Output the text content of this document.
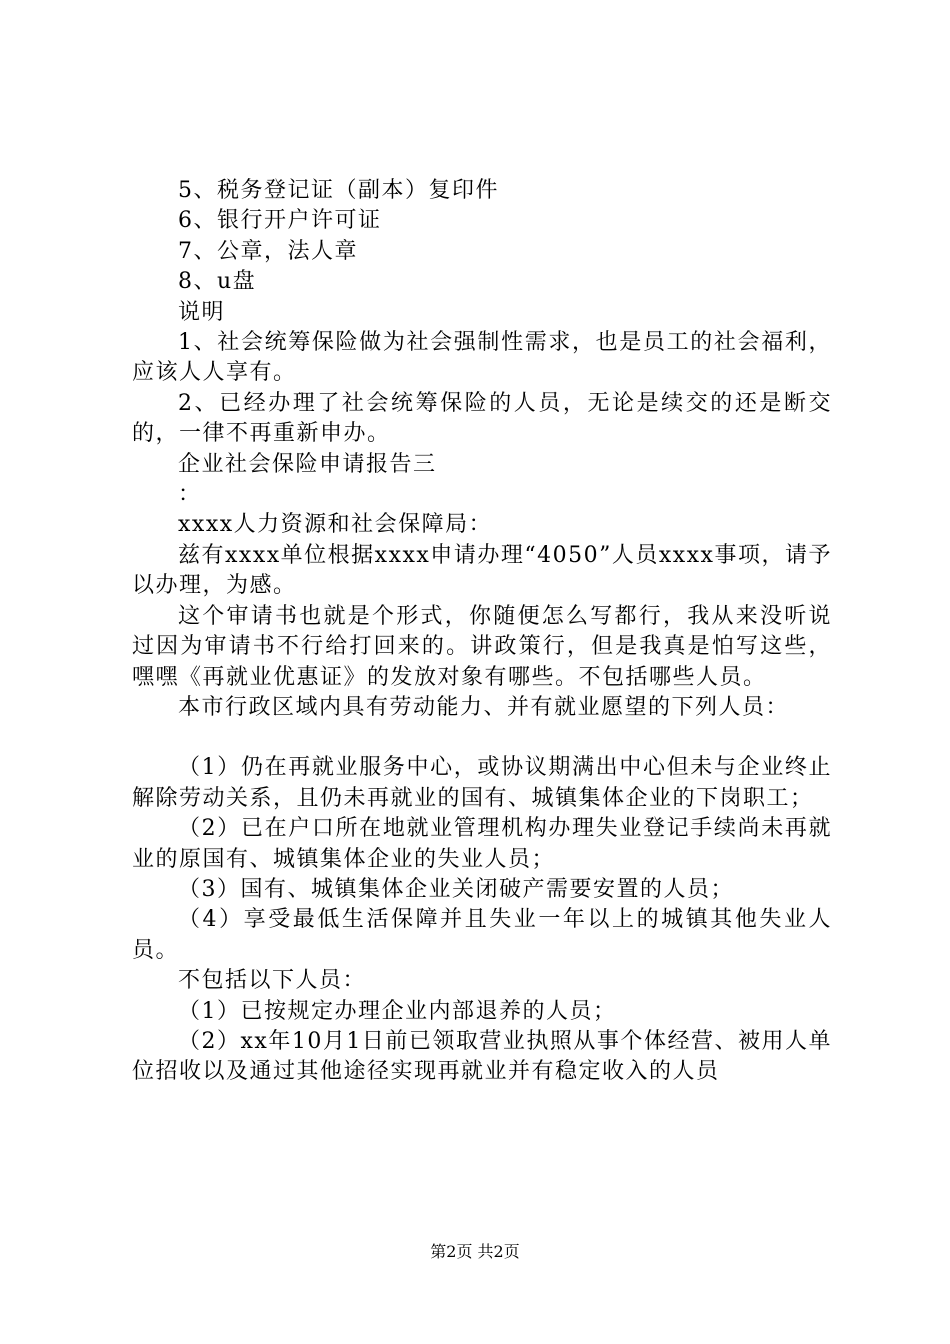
5、税务登记证（副本）复印件

6、银行开户许可证

7、公章，法人章

8、u盘

说明

1、社会统筹保险做为社会强制性需求，也是员工的社会福利，应该人人享有。

2、已经办理了社会统筹保险的人员，无论是续交的还是断交的，一律不再重新申办。

企业社会保险申请报告三

：

xxxx人力资源和社会保障局：

兹有xxxx单位根据xxxx申请办理“4050”人员xxxx事项，请予以办理，为感。

这个审请书也就是个形式，你随便怎么写都行，我从来没听说过因为审请书不行给打回来的。讲政策行，但是我真是怕写这些，嘿嘿《再就业优惠证》的发放对象有哪些。不包括哪些人员。

本市行政区域内具有劳动能力、并有就业愿望的下列人员：

（1）仍在再就业服务中心，或协议期满出中心但未与企业终止解除劳动关系，且仍未再就业的国有、城镇集体企业的下岗职工；

（2）已在户口所在地就业管理机构办理失业登记手续尚未再就业的原国有、城镇集体企业的失业人员；

（3）国有、城镇集体企业关闭破产需要安置的人员；

（4）享受最低生活保障并且失业一年以上的城镇其他失业人员。

不包括以下人员：

（1）已按规定办理企业内部退养的人员；

（2）xx年10月1日前已领取营业执照从事个体经营、被用人单位招收以及通过其他途径实现再就业并有稳定收入的人员

第2页 共2页
